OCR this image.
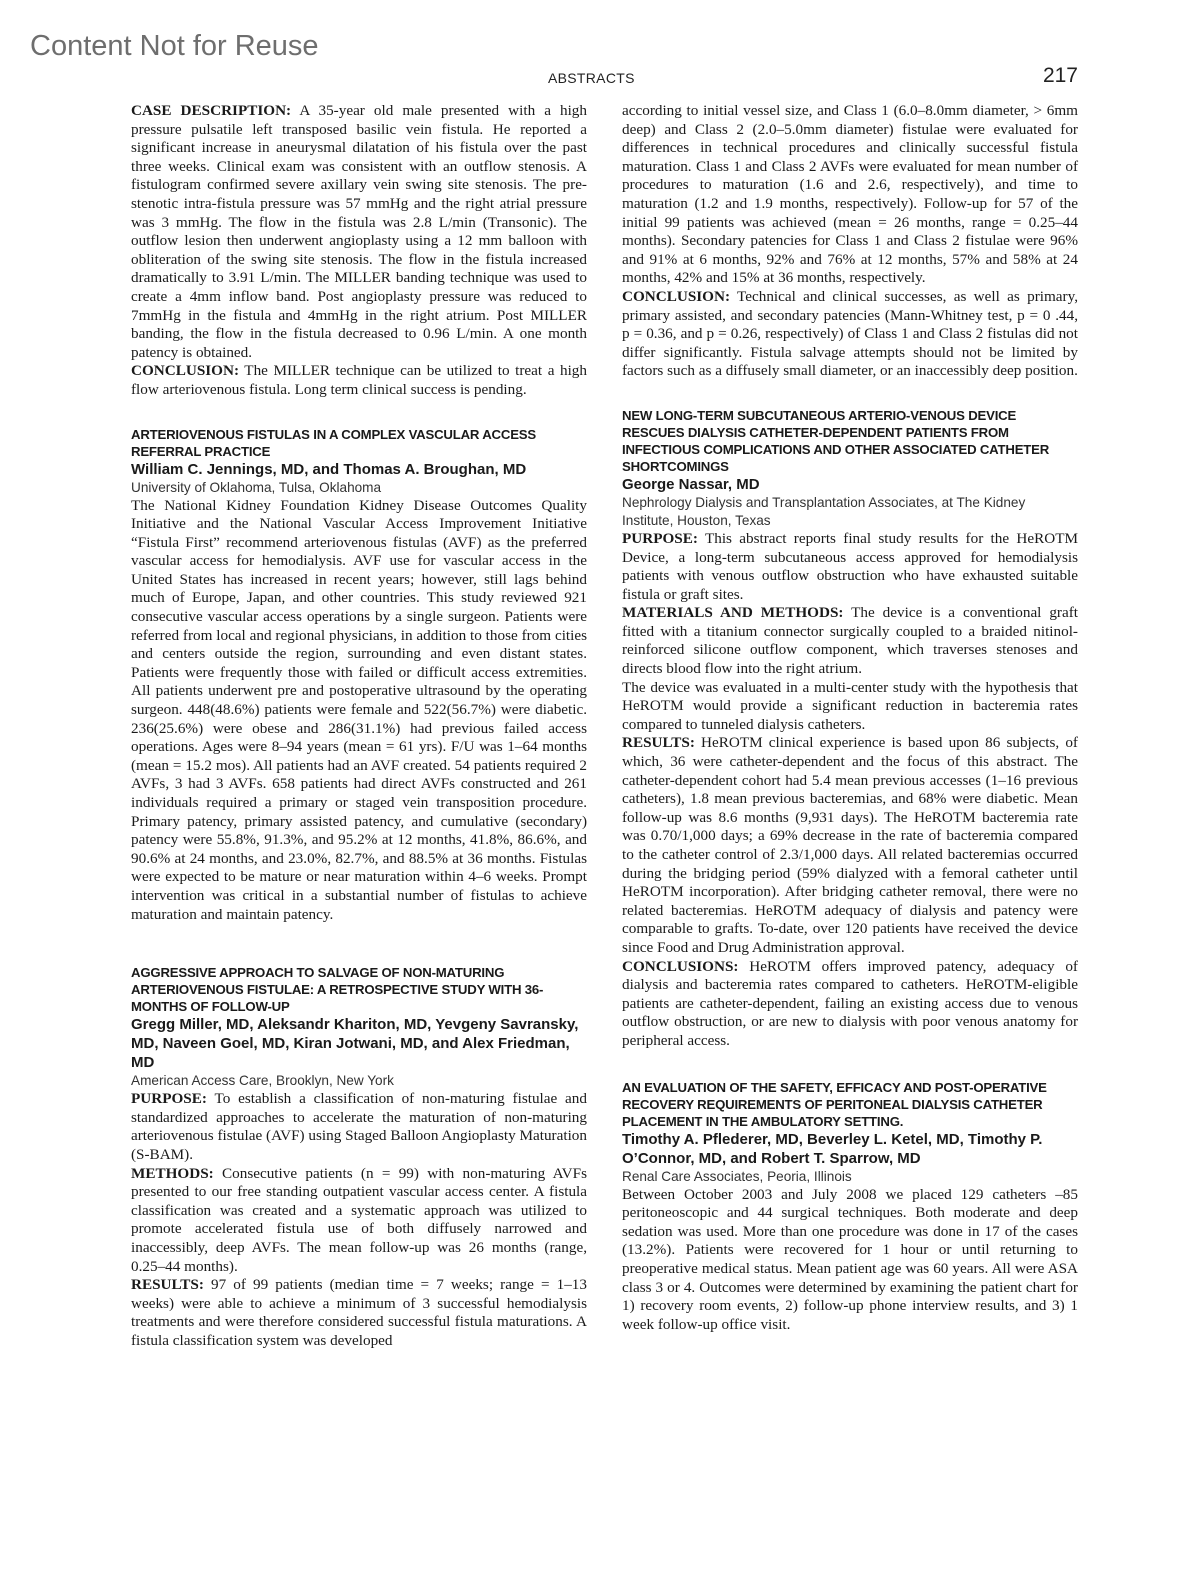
Content Not for Reuse
ABSTRACTS	217

CASE DESCRIPTION: A 35-year old male presented with a high pressure pulsatile left transposed basilic vein fistula. He reported a significant increase in aneurysmal dilatation of his fistula over the past three weeks. Clinical exam was consistent with an outflow stenosis. A fistulogram confirmed severe axillary vein swing site stenosis. The pre-stenotic intra-fistula pressure was 57 mmHg and the right atrial pressure was 3 mmHg. The flow in the fistula was 2.8 L/min (Transonic). The outflow lesion then underwent angioplasty using a 12 mm balloon with obliteration of the swing site stenosis. The flow in the fistula increased dramatically to 3.91 L/min. The MILLER banding technique was used to create a 4mm inflow band. Post angioplasty pressure was reduced to 7mmHg in the fistula and 4mmHg in the right atrium. Post MILLER banding, the flow in the fistula decreased to 0.96 L/min. A one month patency is obtained.

CONCLUSION: The MILLER technique can be utilized to treat a high flow arteriovenous fistula. Long term clinical success is pending.

ARTERIOVENOUS FISTULAS IN A COMPLEX VASCULAR ACCESS REFERRAL PRACTICE

William C. Jennings, MD, and Thomas A. Broughan, MD

University of Oklahoma, Tulsa, Oklahoma

The National Kidney Foundation Kidney Disease Outcomes Quality Initiative and the National Vascular Access Improvement Initiative “Fistula First” recommend arteriovenous fistulas (AVF) as the preferred vascular access for hemodialysis. AVF use for vascular access in the United States has increased in recent years; however, still lags behind much of Europe, Japan, and other countries. This study reviewed 921 consecutive vascular access operations by a single surgeon. Patients were referred from local and regional physicians, in addition to those from cities and centers outside the region, surrounding and even distant states. Patients were frequently those with failed or difficult access extremities. All patients underwent pre and postoperative ultrasound by the operating surgeon. 448(48.6%) patients were female and 522(56.7%) were diabetic. 236(25.6%) were obese and 286(31.1%) had previous failed access operations. Ages were 8–94 years (mean = 61 yrs). F/U was 1–64 months (mean = 15.2 mos). All patients had an AVF created. 54 patients required 2 AVFs, 3 had 3 AVFs. 658 patients had direct AVFs constructed and 261 individuals required a primary or staged vein transposition procedure. Primary patency, primary assisted patency, and cumulative (secondary) patency were 55.8%, 91.3%, and 95.2% at 12 months, 41.8%, 86.6%, and 90.6% at 24 months, and 23.0%, 82.7%, and 88.5% at 36 months. Fistulas were expected to be mature or near maturation within 4–6 weeks. Prompt intervention was critical in a substantial number of fistulas to achieve maturation and maintain patency.

AGGRESSIVE APPROACH TO SALVAGE OF NON-MATURING ARTERIOVENOUS FISTULAE: A RETROSPECTIVE STUDY WITH 36-MONTHS OF FOLLOW-UP

Gregg Miller, MD, Aleksandr Khariton, MD, Yevgeny Savransky, MD, Naveen Goel, MD, Kiran Jotwani, MD, and Alex Friedman, MD

American Access Care, Brooklyn, New York

PURPOSE: To establish a classification of non-maturing fistulae and standardized approaches to accelerate the maturation of non-maturing arteriovenous fistulae (AVF) using Staged Balloon Angioplasty Maturation (S-BAM).

METHODS: Consecutive patients (n = 99) with non-maturing AVFs presented to our free standing outpatient vascular access center. A fistula classification was created and a systematic approach was utilized to promote accelerated fistula use of both diffusely narrowed and inaccessibly, deep AVFs. The mean follow-up was 26 months (range, 0.25–44 months).

RESULTS: 97 of 99 patients (median time = 7 weeks; range = 1–13 weeks) were able to achieve a minimum of 3 successful hemodialysis treatments and were therefore considered successful fistula maturations. A fistula classification system was developed

according to initial vessel size, and Class 1 (6.0–8.0mm diameter, > 6mm deep) and Class 2 (2.0–5.0mm diameter) fistulae were evaluated for differences in technical procedures and clinically successful fistula maturation. Class 1 and Class 2 AVFs were evaluated for mean number of procedures to maturation (1.6 and 2.6, respectively), and time to maturation (1.2 and 1.9 months, respectively). Follow-up for 57 of the initial 99 patients was achieved (mean = 26 months, range = 0.25–44 months). Secondary patencies for Class 1 and Class 2 fistulae were 96% and 91% at 6 months, 92% and 76% at 12 months, 57% and 58% at 24 months, 42% and 15% at 36 months, respectively.

CONCLUSION: Technical and clinical successes, as well as primary, primary assisted, and secondary patencies (Mann-Whitney test, p = 0 .44, p = 0.36, and p = 0.26, respectively) of Class 1 and Class 2 fistulas did not differ significantly. Fistula salvage attempts should not be limited by factors such as a diffusely small diameter, or an inaccessibly deep position.

NEW LONG-TERM SUBCUTANEOUS ARTERIO-VENOUS DEVICE RESCUES DIALYSIS CATHETER-DEPENDENT PATIENTS FROM INFECTIOUS COMPLICATIONS AND OTHER ASSOCIATED CATHETER SHORTCOMINGS

George Nassar, MD

Nephrology Dialysis and Transplantation Associates, at The Kidney Institute, Houston, Texas

PURPOSE: This abstract reports final study results for the HeROTM Device, a long-term subcutaneous access approved for hemodialysis patients with venous outflow obstruction who have exhausted suitable fistula or graft sites.

MATERIALS AND METHODS: The device is a conventional graft fitted with a titanium connector surgically coupled to a braided nitinol-reinforced silicone outflow component, which traverses stenoses and directs blood flow into the right atrium.

The device was evaluated in a multi-center study with the hypothesis that HeROTM would provide a significant reduction in bacteremia rates compared to tunneled dialysis catheters.

RESULTS: HeROTM clinical experience is based upon 86 subjects, of which, 36 were catheter-dependent and the focus of this abstract. The catheter-dependent cohort had 5.4 mean previous accesses (1–16 previous catheters), 1.8 mean previous bacteremias, and 68% were diabetic. Mean follow-up was 8.6 months (9,931 days). The HeROTM bacteremia rate was 0.70/1,000 days; a 69% decrease in the rate of bacteremia compared to the catheter control of 2.3/1,000 days. All related bacteremias occurred during the bridging period (59% dialyzed with a femoral catheter until HeROTM incorporation). After bridging catheter removal, there were no related bacteremias. HeROTM adequacy of dialysis and patency were comparable to grafts. To-date, over 120 patients have received the device since Food and Drug Administration approval.

CONCLUSIONS: HeROTM offers improved patency, adequacy of dialysis and bacteremia rates compared to catheters. HeROTM-eligible patients are catheter-dependent, failing an existing access due to venous outflow obstruction, or are new to dialysis with poor venous anatomy for peripheral access.

AN EVALUATION OF THE SAFETY, EFFICACY AND POST-OPERATIVE RECOVERY REQUIREMENTS OF PERITONEAL DIALYSIS CATHETER PLACEMENT IN THE AMBULATORY SETTING.

Timothy A. Pflederer, MD, Beverley L. Ketel, MD, Timothy P. O’Connor, MD, and Robert T. Sparrow, MD

Renal Care Associates, Peoria, Illinois

Between October 2003 and July 2008 we placed 129 catheters –85 peritoneoscopic and 44 surgical techniques. Both moderate and deep sedation was used. More than one procedure was done in 17 of the cases (13.2%). Patients were recovered for 1 hour or until returning to preoperative medical status. Mean patient age was 60 years. All were ASA class 3 or 4. Outcomes were determined by examining the patient chart for 1) recovery room events, 2) follow-up phone interview results, and 3) 1 week follow-up office visit.
